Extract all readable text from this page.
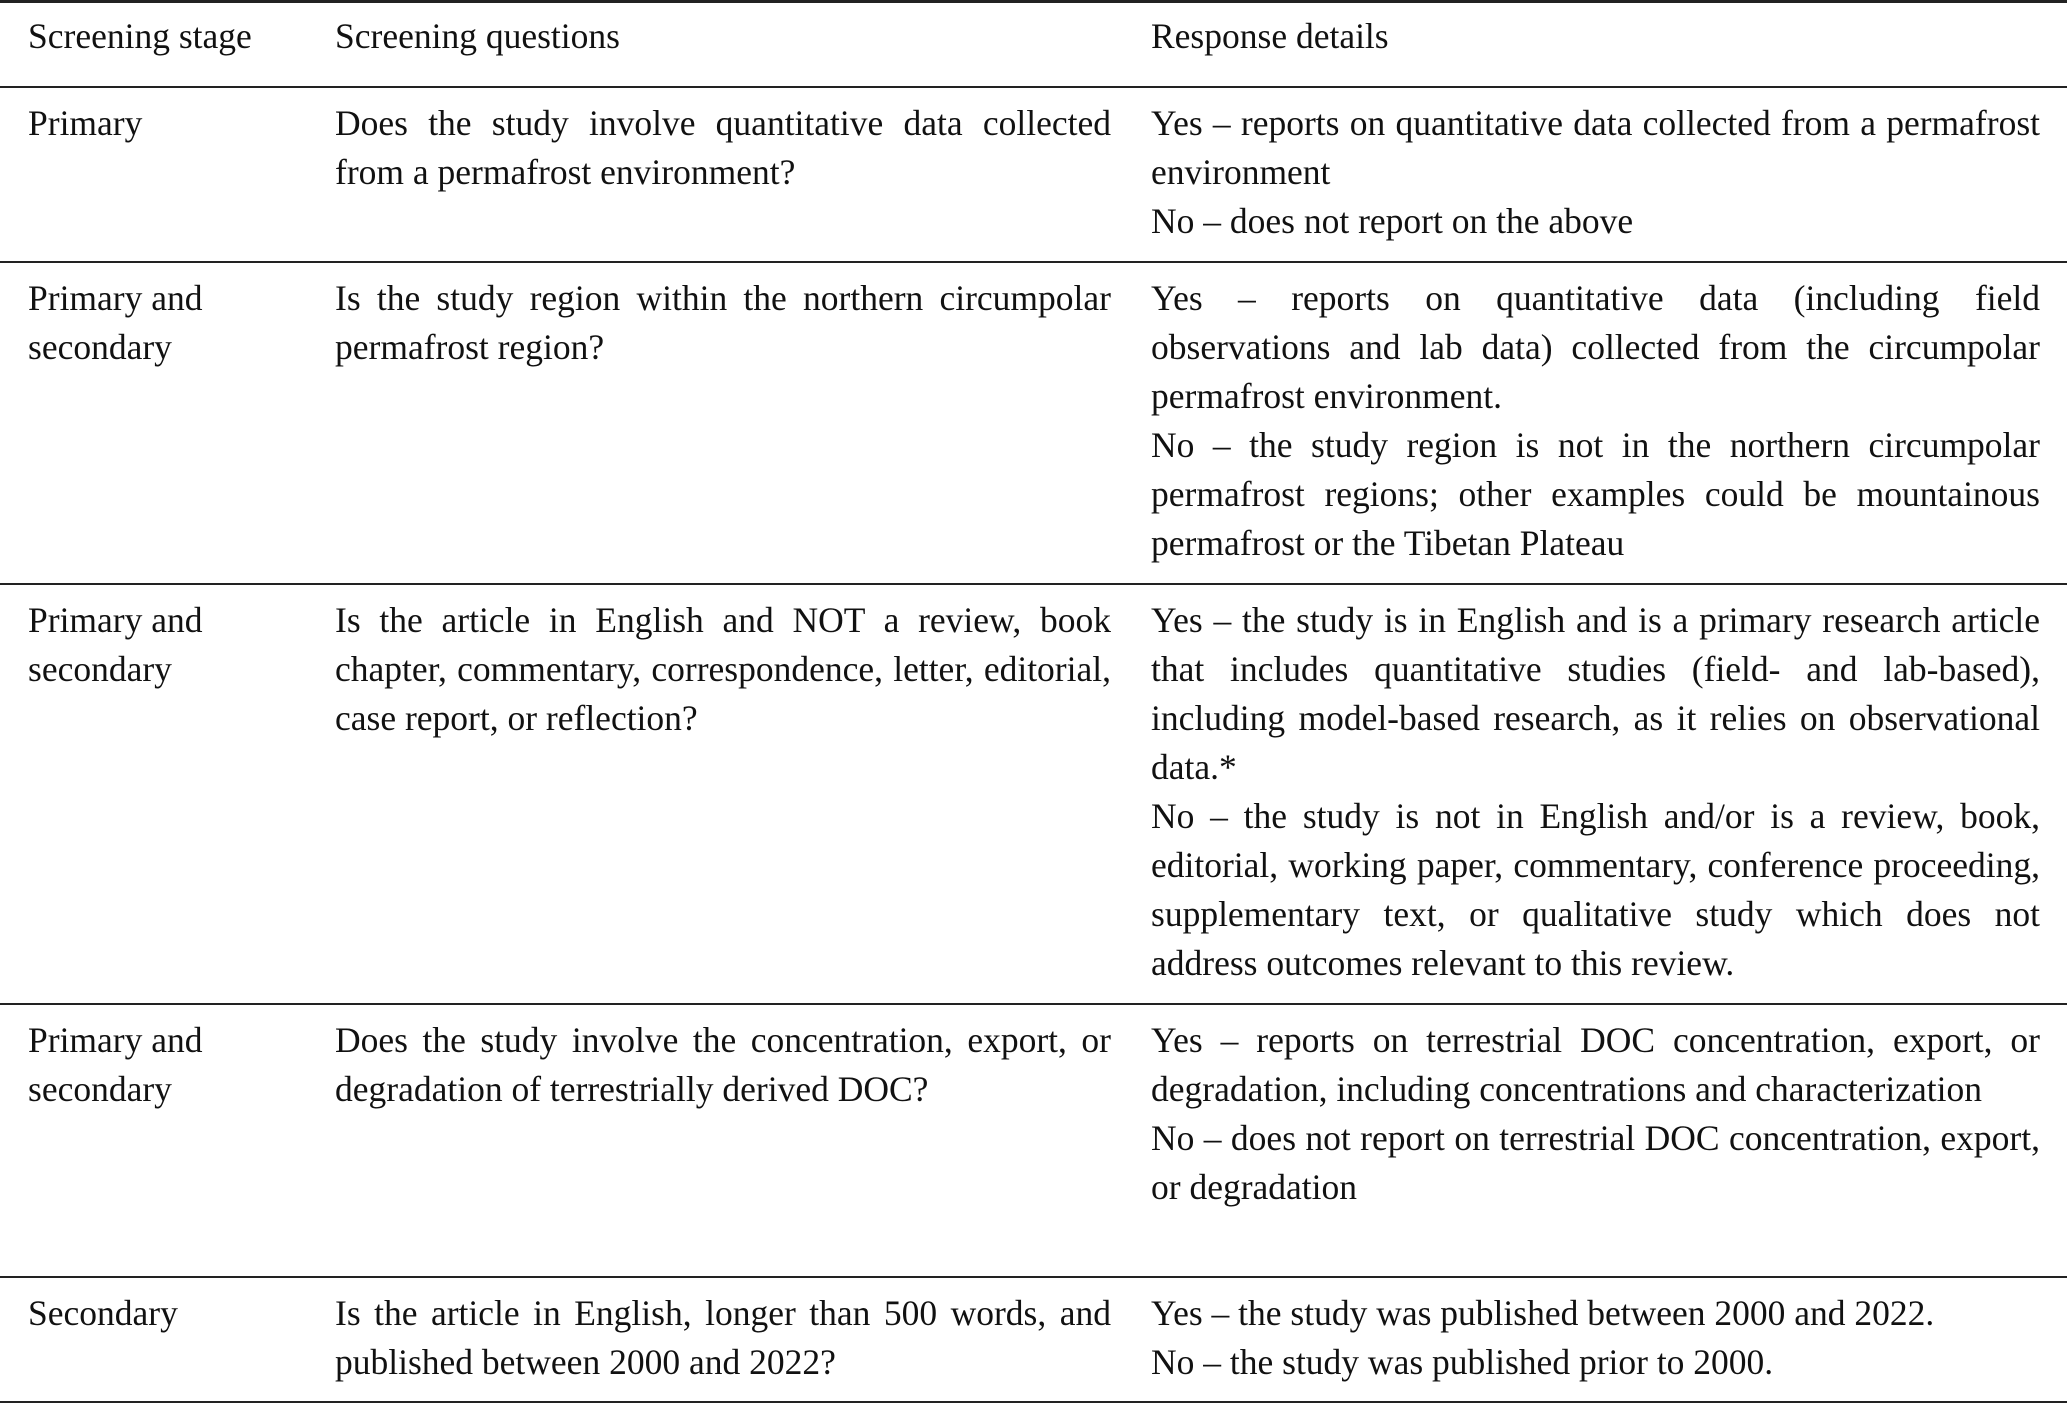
Screening stage	Screening questions	Response details

Primary	Does the study involve quantitative data collected from a permafrost environment?	Yes – reports on quantitative data collected from a permafrost environment
No – does not report on the above

Primary and
secondary	Is the study region within the northern circumpolar permafrost region?	Yes – reports on quantitative data (including field observations and lab data) collected from the circumpolar permafrost environment.
No – the study region is not in the northern circumpolar permafrost regions; other examples could be mountainous permafrost or the Tibetan Plateau

Primary and
secondary	Is the article in English and NOT a review, book chapter, commentary, correspondence, letter, editorial, case report, or reflection?	Yes – the study is in English and is a primary research article that includes quantitative studies (field- and lab-based), including model-based research, as it relies on observational data.*
No – the study is not in English and/or is a review, book, editorial, working paper, commentary, conference proceeding, supplementary text, or qualitative study which does not address outcomes relevant to this review.

Primary and
secondary	Does the study involve the concentration, export, or degradation of terrestrially derived DOC?	Yes – reports on terrestrial DOC concentration, export, or degradation, including concentrations and characterization
No – does not report on terrestrial DOC concentration, export, or degradation

Secondary	Is the article in English, longer than 500 words, and published between 2000 and 2022?	Yes – the study was published between 2000 and 2022.
No – the study was published prior to 2000.
